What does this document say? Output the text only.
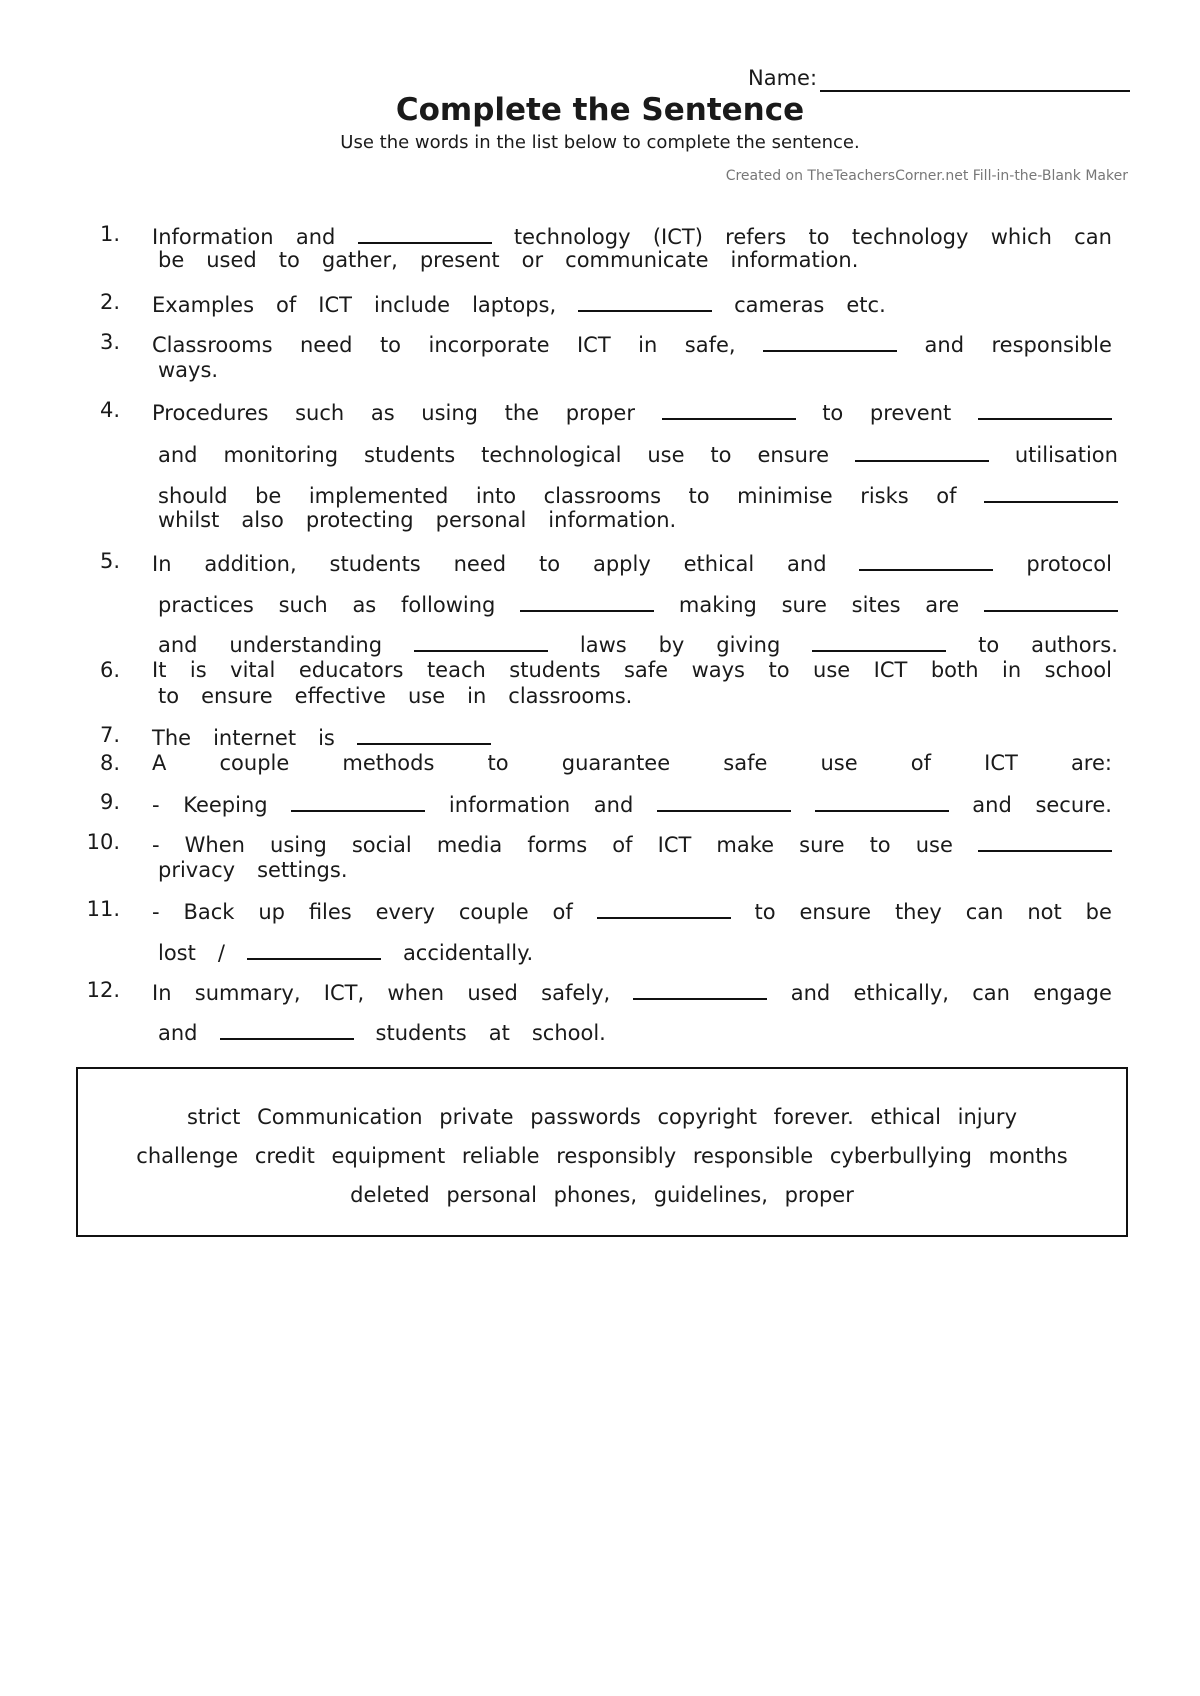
Name:
Complete the Sentence
Use the words in the list below to complete the sentence.
Created on TheTeachersCorner.net Fill-in-the-Blank Maker
1. Information and	technology (ICT) refers to technology which can
be used to gather, present or communicate information.
2. Examples of ICT include laptops,	cameras etc.
3. Classrooms need to incorporate ICT in safe,	and responsible
ways.
4. Procedures such as using the proper	to prevent
and monitoring students technological use to ensure	utilisation
should be implemented into classrooms to minimise risks of
whilst also protecting personal information.
5. In addition, students need to apply ethical and	protocol
practices such as following	making sure sites are
and understanding	laws by giving	to authors.
6. It is vital educators teach students safe ways to use ICT both in school
to ensure effective use in classrooms.
7. The internet is
8. A	couple	methods	to	guarantee	safe	use	of	ICT	are:
9. - Keeping	information and	and secure.
10. - When using social media forms of ICT make sure to use
privacy settings.
11. - Back up files every couple of	to ensure they can not be
lost /	accidentally.
12. In summary, ICT, when used safely,	and ethically, can engage
and	students at school.
strict Communication private passwords copyright forever. ethical injury
challenge credit equipment reliable responsibly responsible cyberbullying months
deleted personal phones, guidelines, proper
